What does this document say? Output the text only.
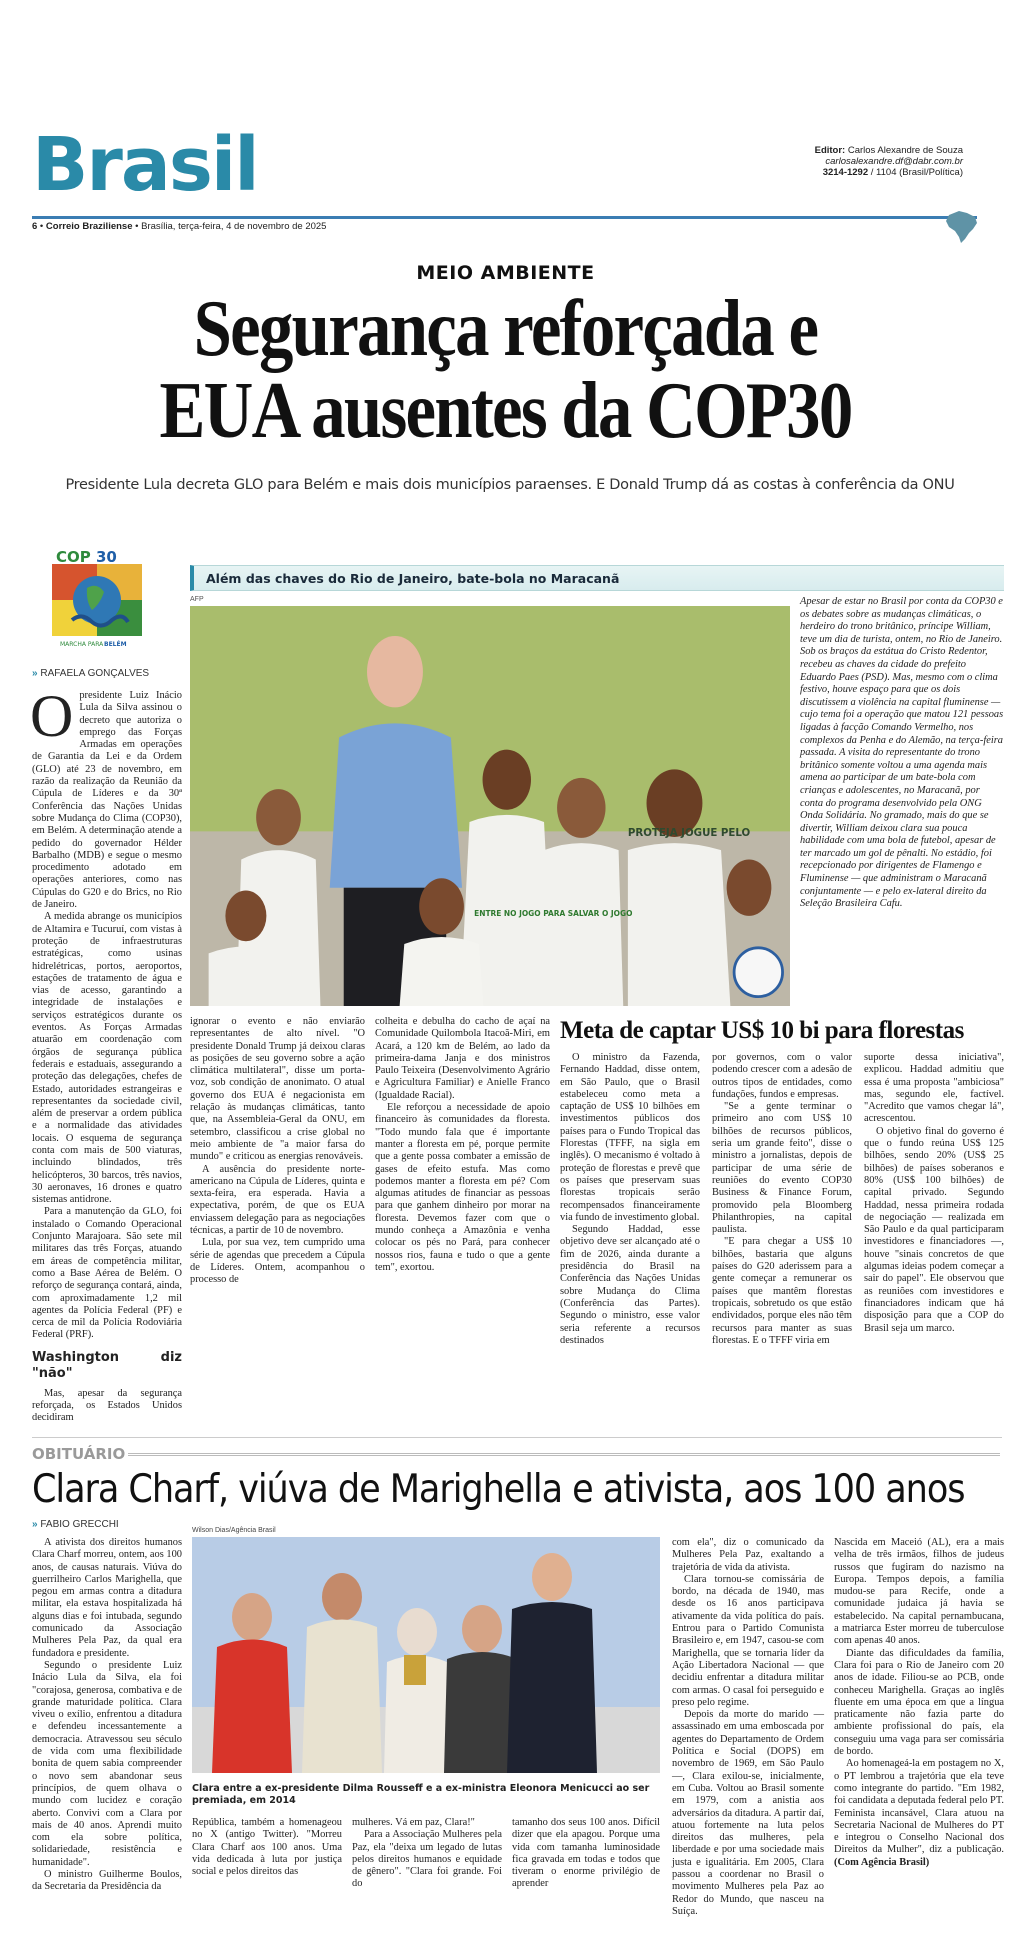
Brasil
6 • Correio Braziliense • Brasília, terça-feira, 4 de novembro de 2025
Editor: Carlos Alexandre de Souza
carlosalexandre.df@dabr.com.br
3214-1292 / 1104 (Brasil/Política)
MEIO AMBIENTE
Segurança reforçada e
EUA ausentes da COP30
Presidente Lula decreta GLO para Belém e mais dois municípios paraenses. E Donald Trump dá as costas à conferência da ONU
COP 30
MARCHA PARA BELÉM
» RAFAELA GONÇALVES

Opresidente Luiz Inácio Lula da Silva assinou o decreto que autoriza o emprego das Forças Armadas em operações de Garantia da Lei e da Ordem (GLO) até 23 de novembro, em razão da realização da Reunião da Cúpula de Líderes e da 30ª Conferência das Nações Unidas sobre Mudança do Clima (COP30), em Belém. A determinação atende a pedido do governador Hélder Barbalho (MDB) e segue o mesmo procedimento adotado em operações anteriores, como nas Cúpulas do G20 e do Brics, no Rio de Janeiro.

A medida abrange os municípios de Altamira e Tucuruí, com vistas à proteção de infraestruturas estratégicas, como usinas hidrelétricas, portos, aeroportos, estações de tratamento de água e vias de acesso, garantindo a integridade de instalações e serviços estratégicos durante os eventos. As Forças Armadas atuarão em coordenação com órgãos de segurança pública federais e estaduais, assegurando a proteção das delegações, chefes de Estado, autoridades estrangeiras e representantes da sociedade civil, além de preservar a ordem pública e a normalidade das atividades locais. O esquema de segurança conta com mais de 500 viaturas, incluindo blindados, três helicópteros, 30 barcos, três navios, 30 aeronaves, 16 drones e quatro sistemas antidrone.

Para a manutenção da GLO, foi instalado o Comando Operacional Conjunto Marajoara. São sete mil militares das três Forças, atuando em áreas de competência militar, como a Base Aérea de Belém. O reforço de segurança contará, ainda, com aproximadamente 1,2 mil agentes da Polícia Federal (PF) e cerca de mil da Polícia Rodoviária Federal (PRF).

Washington diz "não"

Mas, apesar da segurança reforçada, os Estados Unidos decidiram

Além das chaves do Rio de Janeiro, bate-bola no Maracanã
AFP
ENTRE NO JOGO PARA SALVAR O JOGO
PROTEJA JOGUE PELO
Apesar de estar no Brasil por conta da COP30 e os debates sobre as mudanças climáticas, o herdeiro do trono britânico, príncipe William, teve um dia de turista, ontem, no Rio de Janeiro. Sob os braços da estátua do Cristo Redentor, recebeu as chaves da cidade do prefeito Eduardo Paes (PSD). Mas, mesmo com o clima festivo, houve espaço para que os dois discutissem a violência na capital fluminense — cujo tema foi a operação que matou 121 pessoas ligadas à facção Comando Vermelho, nos complexos da Penha e do Alemão, na terça-feira passada. A visita do representante do trono britânico somente voltou a uma agenda mais amena ao participar de um bate-bola com crianças e adolescentes, no Maracanã, por conta do programa desenvolvido pela ONG Onda Solidária. No gramado, mais do que se divertir, William deixou clara sua pouca habilidade com uma bola de futebol, apesar de ter marcado um gol de pênalti. No estádio, foi recepcionado por dirigentes de Flamengo e Fluminense — que administram o Maracanã conjuntamente — e pelo ex-lateral direito da Seleção Brasileira Cafu.

ignorar o evento e não enviarão representantes de alto nível. "O presidente Donald Trump já deixou claras as posições de seu governo sobre a ação climática multilateral", disse um porta-voz, sob condição de anonimato. O atual governo dos EUA é negacionista em relação às mudanças climáticas, tanto que, na Assembleia-Geral da ONU, em setembro, classificou a crise global no meio ambiente de "a maior farsa do mundo" e criticou as energias renováveis.

A ausência do presidente norte-americano na Cúpula de Líderes, quinta e sexta-feira, era esperada. Havia a expectativa, porém, de que os EUA enviassem delegação para as negociações técnicas, a partir de 10 de novembro.

Lula, por sua vez, tem cumprido uma série de agendas que precedem a Cúpula de Líderes. Ontem, acompanhou o processo de

colheita e debulha do cacho de açaí na Comunidade Quilombola Itacoã-Miri, em Acará, a 120 km de Belém, ao lado da primeira-dama Janja e dos ministros Paulo Teixeira (Desenvolvimento Agrário e Agricultura Familiar) e Anielle Franco (Igualdade Racial).

Ele reforçou a necessidade de apoio financeiro às comunidades da floresta. "Todo mundo fala que é importante manter a floresta em pé, porque permite que a gente possa combater a emissão de gases de efeito estufa. Mas como podemos manter a floresta em pé? Com algumas atitudes de financiar as pessoas para que ganhem dinheiro por morar na floresta. Devemos fazer com que o mundo conheça a Amazônia e venha colocar os pés no Pará, para conhecer nossos rios, fauna e tudo o que a gente tem", exortou.

Meta de captar US$ 10 bi para florestas

O ministro da Fazenda, Fernando Haddad, disse ontem, em São Paulo, que o Brasil estabeleceu como meta a captação de US$ 10 bilhões em investimentos públicos dos países para o Fundo Tropical das Florestas (TFFF, na sigla em inglês). O mecanismo é voltado à proteção de florestas e prevê que os países que preservam suas florestas tropicais serão recompensados financeiramente via fundo de investimento global.

Segundo Haddad, esse objetivo deve ser alcançado até o fim de 2026, ainda durante a presidência do Brasil na Conferência das Nações Unidas sobre Mudança do Clima (Conferência das Partes). Segundo o ministro, esse valor seria referente a recursos destinados

por governos, com o valor podendo crescer com a adesão de outros tipos de entidades, como fundações, fundos e empresas.

"Se a gente terminar o primeiro ano com US$ 10 bilhões de recursos públicos, seria um grande feito", disse o ministro a jornalistas, depois de participar de uma série de reuniões do evento COP30 Business & Finance Forum, promovido pela Bloomberg Philanthropies, na capital paulista.

"E para chegar a US$ 10 bilhões, bastaria que alguns países do G20 aderissem para a gente começar a remunerar os países que mantêm florestas tropicais, sobretudo os que estão endividados, porque eles não têm recursos para manter as suas florestas. E o TFFF viria em

suporte dessa iniciativa", explicou. Haddad admitiu que essa é uma proposta "ambiciosa" mas, segundo ele, factível. "Acredito que vamos chegar lá", acrescentou.

O objetivo final do governo é que o fundo reúna US$ 125 bilhões, sendo 20% (US$ 25 bilhões) de países soberanos e 80% (US$ 100 bilhões) de capital privado. Segundo Haddad, nessa primeira rodada de negociação — realizada em São Paulo e da qual participaram investidores e financiadores —, houve "sinais concretos de que algumas ideias podem começar a sair do papel". Ele observou que as reuniões com investidores e financiadores indicam que há disposição para que a COP do Brasil seja um marco.

OBITUÁRIO
Clara Charf, viúva de Marighella e ativista, aos 100 anos
» FABIO GRECCHI

A ativista dos direitos humanos Clara Charf morreu, ontem, aos 100 anos, de causas naturais. Viúva do guerrilheiro Carlos Marighella, que pegou em armas contra a ditadura militar, ela estava hospitalizada há alguns dias e foi intubada, segundo comunicado da Associação Mulheres Pela Paz, da qual era fundadora e presidente.

Segundo o presidente Luiz Inácio Lula da Silva, ela foi "corajosa, generosa, combativa e de grande maturidade política. Clara viveu o exílio, enfrentou a ditadura e defendeu incessantemente a democracia. Atravessou seu século de vida com uma flexibilidade bonita de quem sabia compreender o novo sem abandonar seus princípios, de quem olhava o mundo com lucidez e coração aberto. Convivi com a Clara por mais de 40 anos. Aprendi muito com ela sobre política, solidariedade, resistência e humanidade".

O ministro Guilherme Boulos, da Secretaria da Presidência da

Wilson Dias/Agência Brasil
Clara entre a ex-presidente Dilma Rousseff e a ex-ministra Eleonora Menicucci ao ser premiada, em 2014

República, também a homenageou no X (antigo Twitter). "Morreu Clara Charf aos 100 anos. Uma vida dedicada à luta por justiça social e pelos direitos das

mulheres. Vá em paz, Clara!"

Para a Associação Mulheres pela Paz, ela "deixa um legado de lutas pelos direitos humanos e equidade de gênero". "Clara foi grande. Foi do

tamanho dos seus 100 anos. Difícil dizer que ela apagou. Porque uma vida com tamanha luminosidade fica gravada em todas e todos que tiveram o enorme privilégio de aprender

com ela", diz o comunicado da Mulheres Pela Paz, exaltando a trajetória de vida da ativista.

Clara tornou-se comissária de bordo, na década de 1940, mas desde os 16 anos participava ativamente da vida política do país. Entrou para o Partido Comunista Brasileiro e, em 1947, casou-se com Marighella, que se tornaria líder da Ação Libertadora Nacional — que decidiu enfrentar a ditadura militar com armas. O casal foi perseguido e preso pelo regime.

Depois da morte do marido — assassinado em uma emboscada por agentes do Departamento de Ordem Política e Social (DOPS) em novembro de 1969, em São Paulo —, Clara exilou-se, inicialmente, em Cuba. Voltou ao Brasil somente em 1979, com a anistia aos adversários da ditadura. A partir daí, atuou fortemente na luta pelos direitos das mulheres, pela liberdade e por uma sociedade mais justa e igualitária. Em 2005, Clara passou a coordenar no Brasil o movimento Mulheres pela Paz ao Redor do Mundo, que nasceu na Suíça.

Nascida em Maceió (AL), era a mais velha de três irmãos, filhos de judeus russos que fugiram do nazismo na Europa. Tempos depois, a família mudou-se para Recife, onde a comunidade judaica já havia se estabelecido. Na capital pernambucana, a matriarca Ester morreu de tuberculose com apenas 40 anos.

Diante das dificuldades da família, Clara foi para o Rio de Janeiro com 20 anos de idade. Filiou-se ao PCB, onde conheceu Marighella. Graças ao inglês fluente em uma época em que a língua praticamente não fazia parte do ambiente profissional do país, ela conseguiu uma vaga para ser comissária de bordo.

Ao homenageá-la em postagem no X, o PT lembrou a trajetória que ela teve como integrante do partido. "Em 1982, foi candidata a deputada federal pelo PT. Feminista incansável, Clara atuou na Secretaria Nacional de Mulheres do PT e integrou o Conselho Nacional dos Direitos da Mulher", diz a publicação. (Com Agência Brasil)
